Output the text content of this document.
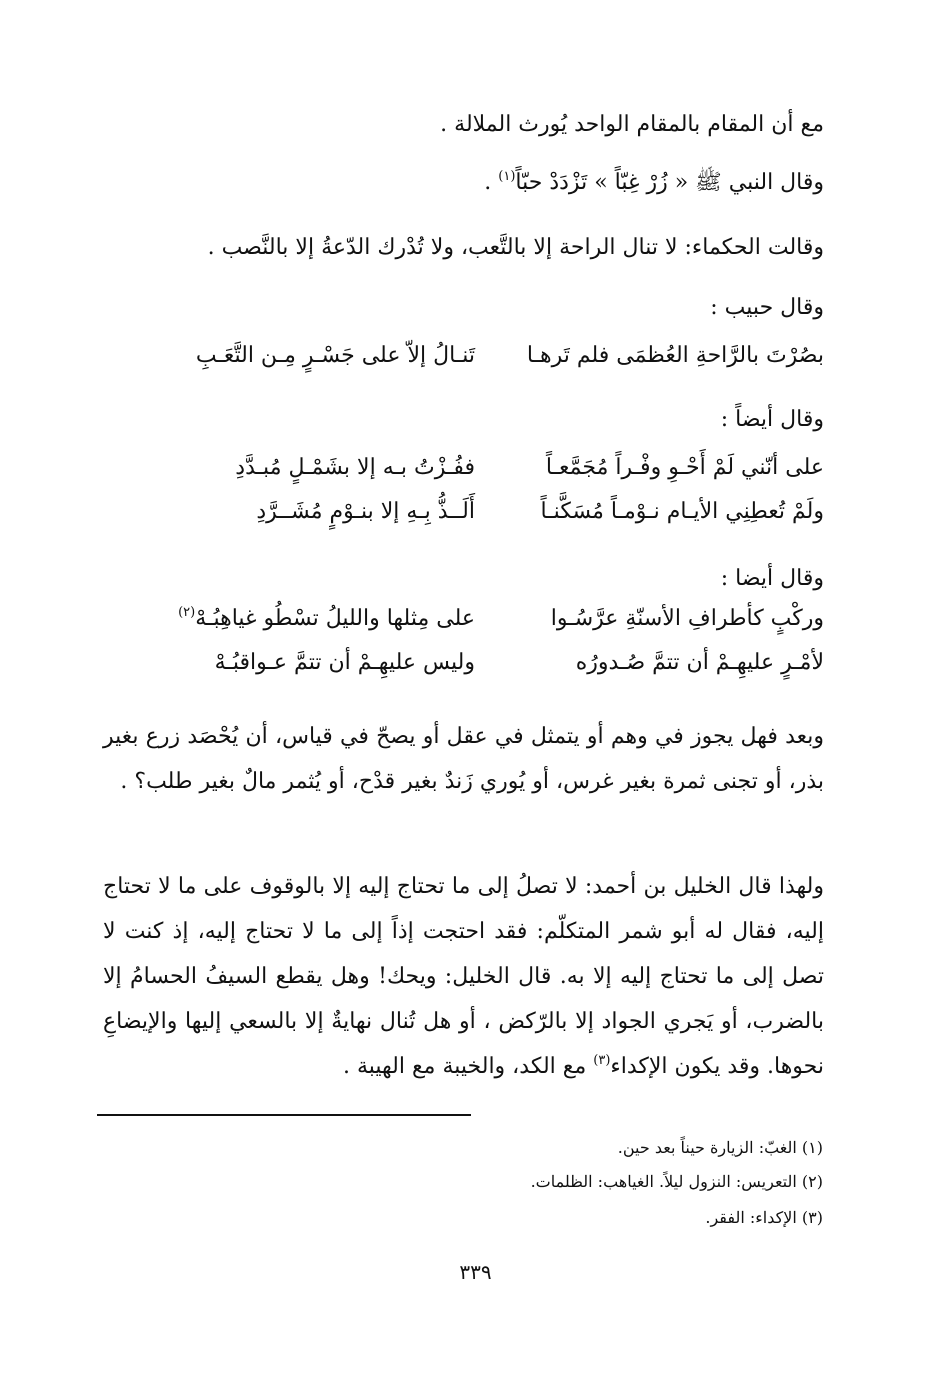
مع أن المقام بالمقام الواحد يُورث الملالة .
وقال النبي ﷺ « زُرْ غِبّاً » تَزْدَدْ حبّاً$^{(١)}$ .
وقالت الحكماء: لا تنال الراحة إلا بالتَّعب، ولا تُدْرك الدّعةُ إلا بالنَّصب .
وقال حبيب :
بصُرْتَ بالرَّاحةِ العُظمَى فلم تَرهـا
تَنـالُ إلاّ على جَسْـرٍ مِـن التَّعَـبِ
وقال أيضاً :
على أنّني لَمْ أَحْـوِ وفْـراً مُجَمَّعـاً
ففُـزْتُ بـه إلا بشَمْـلٍ مُبـدَّدِ
ولَمْ تُعطِنِي الأيـام نـوْمـاً مُسَكَّنـاً
أَلَــذُّ بِـهِ إلا بنـوْمٍ مُشَــرَّدِ
وقال أيضا :
وركْبٍ كأطرافِ الأسنّةِ عرَّسُـوا
على مِثلها والليلُ تسْطُو غياهِبُـهْ$^{(٢)}$
لأمْـرٍ عليهِـمْ أن تتمَّ صُـدورُه
وليس عليهِـمْ أن تتمَّ عـواقبُـهْ
وبعد فهل يجوز في وهم أو يتمثل في عقل أو يصحّ في قياس، أن يُحْصَد زرع بغير بذر، أو تجنى ثمرة بغير غرس، أو يُوري زَندٌ بغير قدْح، أو يُثمر مالٌ بغير طلب؟ .
ولهذا قال الخليل بن أحمد: لا تصلُ إلى ما تحتاج إليه إلا بالوقوف على ما لا تحتاج إليه، فقال له أبو شمر المتكلّم: فقد احتجت إذاً إلى ما لا تحتاج إليه، إذ كنت لا تصل إلى ما تحتاج إليه إلا به. قال الخليل: ويحك! وهل يقطع السيفُ الحسامُ إلا بالضرب، أو يَجري الجواد إلا بالرّكض ، أو هل تُنال نهايةٌ إلا بالسعي إليها والإيضاعِ نحوها. وقد يكون الإكداء$^{(٣)}$ مع الكد، والخيبة مع الهيبة .
(١) الغبّ: الزيارة حيناً بعد حين.
(٢) التعريس: النزول ليلاً. الغياهب: الظلمات.
(٣) الإكداء: الفقر.
٣٣٩
